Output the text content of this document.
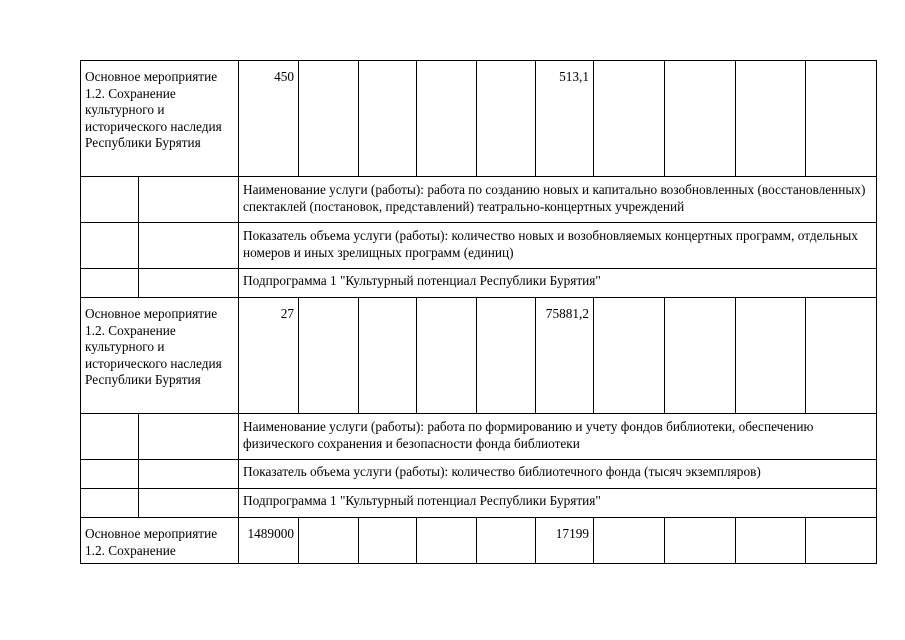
Основное мероприятие 1.2. Сохранение культурного и исторического наследия Республики Бурятия		450					513,1				
		Наименование услуги (работы): работа по созданию новых и капитально возобновленных (восстановленных) спектаклей (постановок, представлений) театрально-концертных учреждений									
		Показатель объема услуги (работы): количество новых и возобновляемых концертных программ, отдельных номеров и иных зрелищных программ (единиц)									
		Подпрограмма 1 "Культурный потенциал Республики Бурятия"									
Основное мероприятие 1.2. Сохранение культурного и исторического наследия Республики Бурятия		27					75881,2				
		Наименование услуги (работы): работа по формированию и учету фондов библиотеки, обеспечению физического сохранения и безопасности фонда библиотеки									
		Показатель объема услуги (работы): количество библиотечного фонда (тысяч экземпляров)									
		Подпрограмма 1 "Культурный потенциал Республики Бурятия"									

Основное мероприятие 1.2. Сохранение		1489000					17199				
